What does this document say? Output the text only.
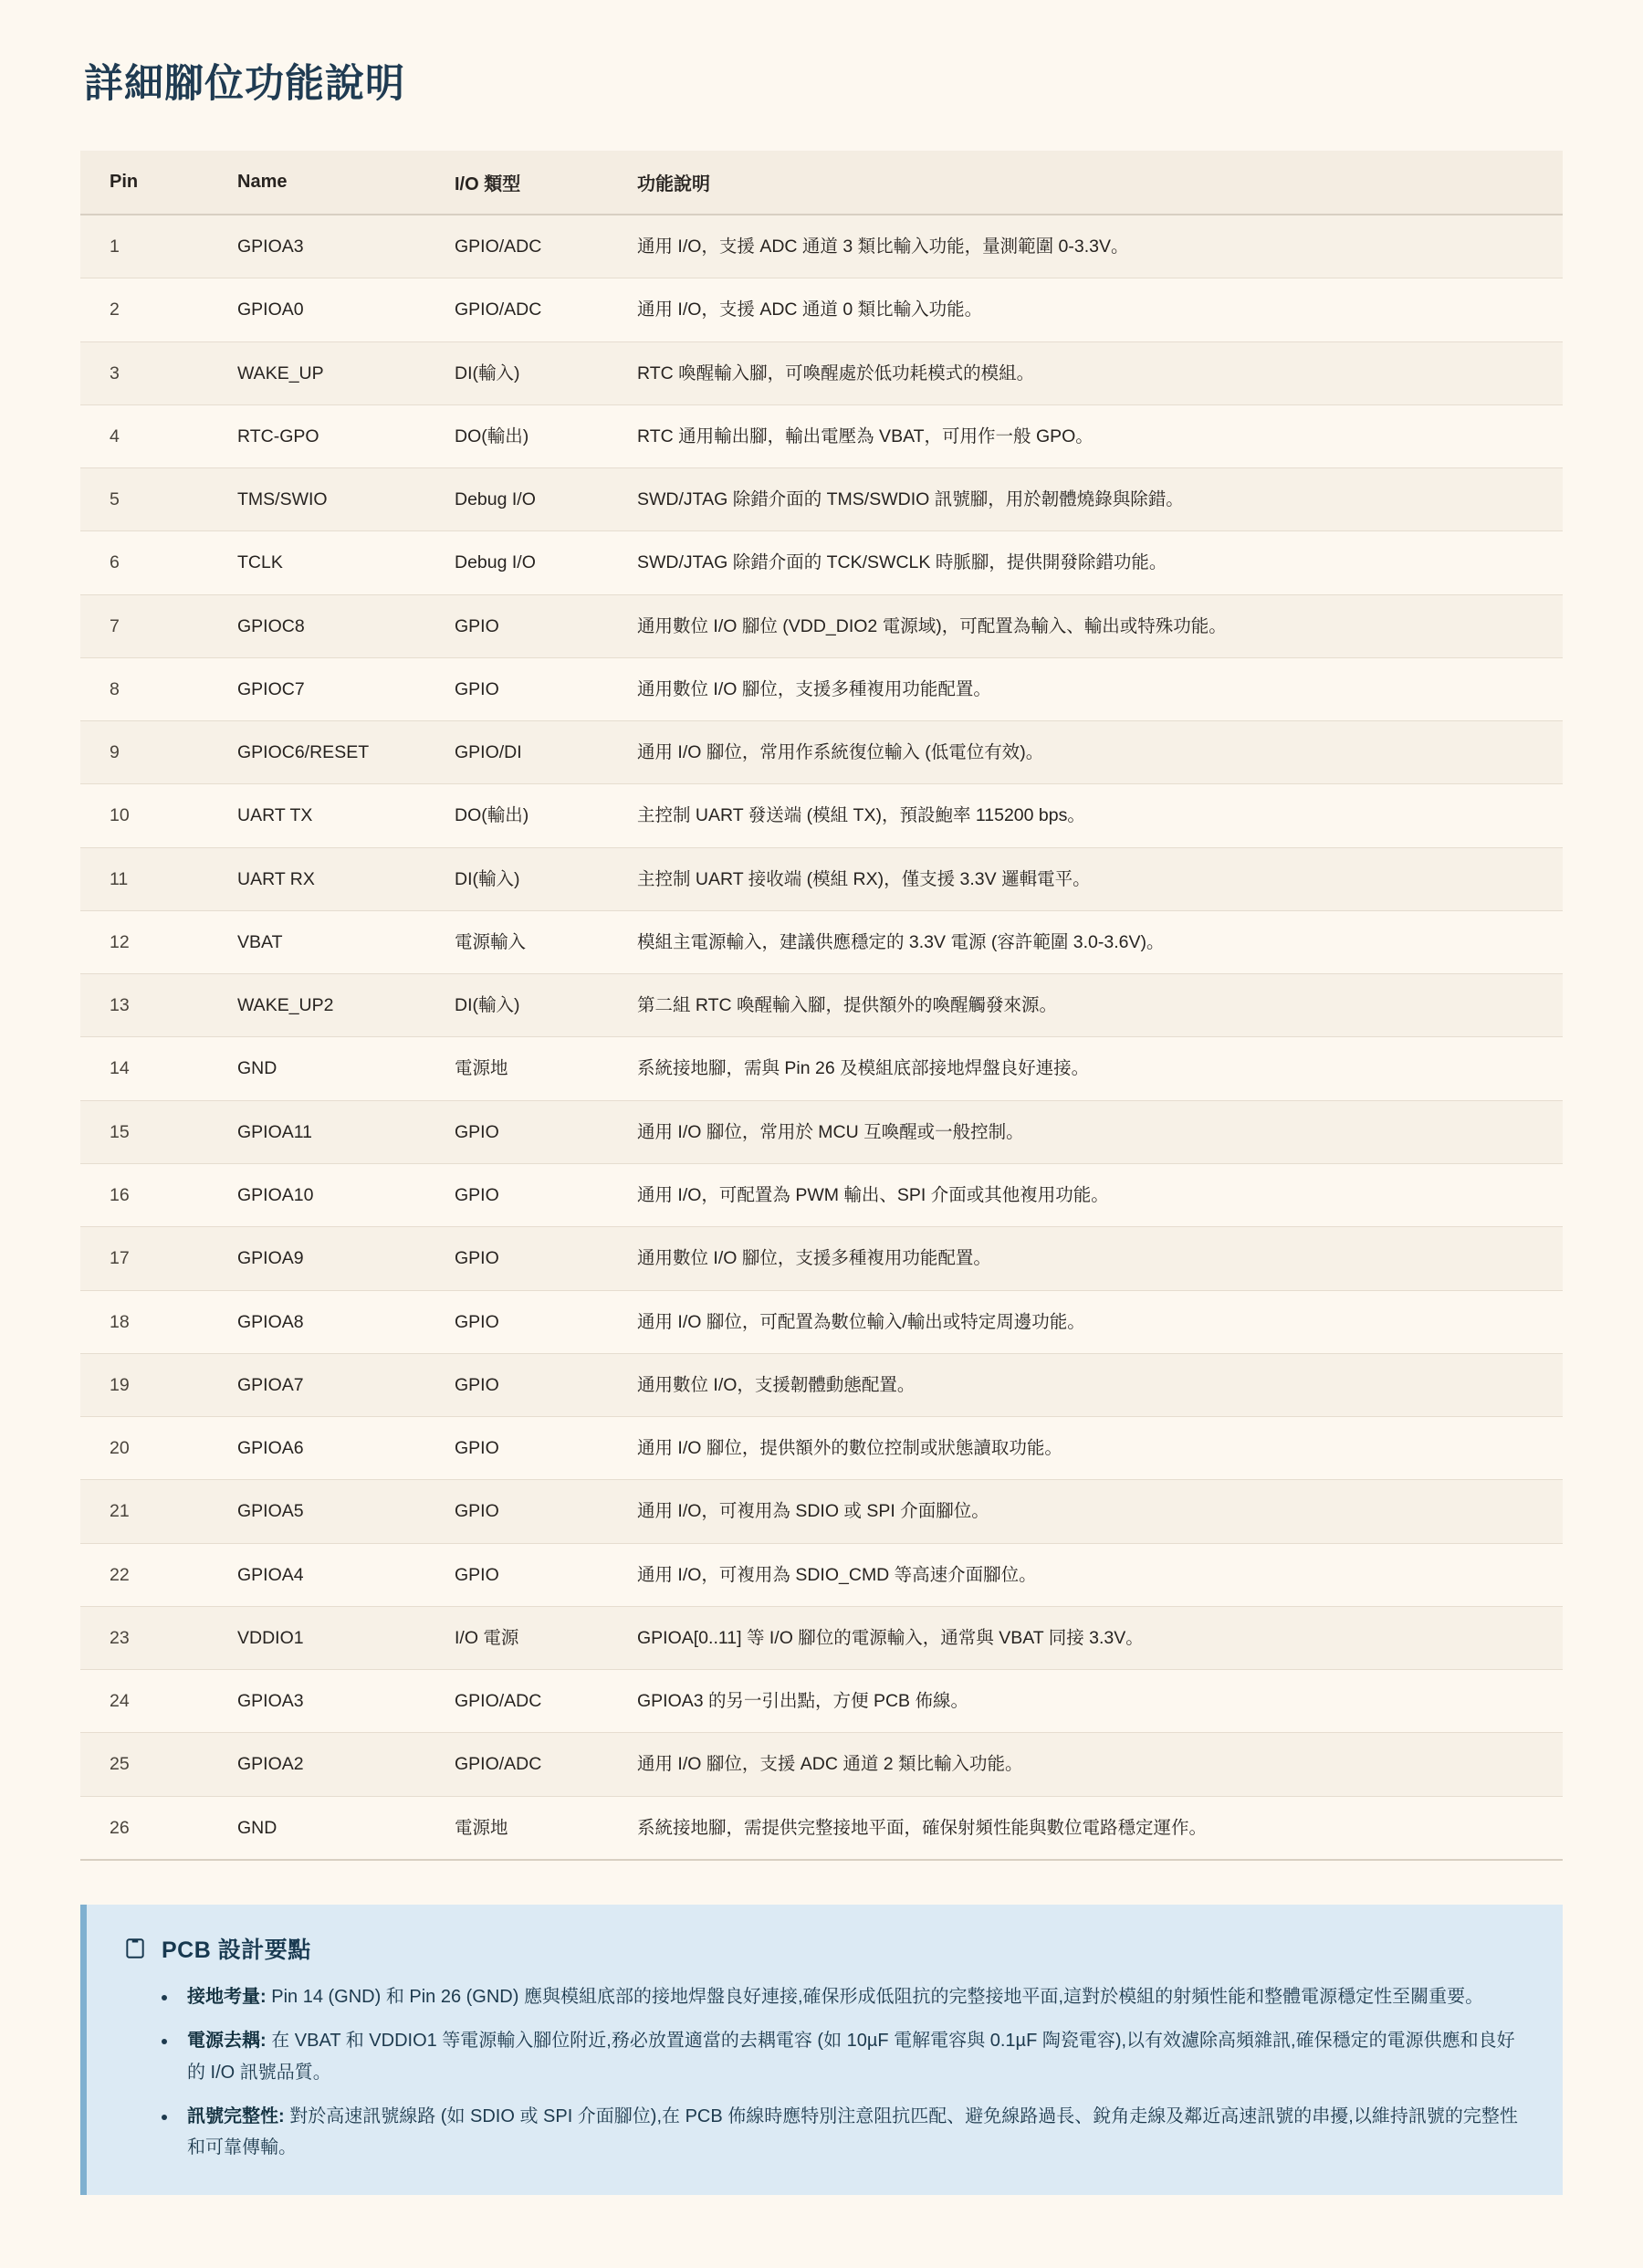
詳細腳位功能說明
Pin	Name	I/O 類型	功能說明
1	GPIOA3	GPIO/ADC	通用 I/O，支援 ADC 通道 3 類比輸入功能，量測範圍 0-3.3V。
2	GPIOA0	GPIO/ADC	通用 I/O，支援 ADC 通道 0 類比輸入功能。
3	WAKE_UP	DI(輸入)	RTC 喚醒輸入腳，可喚醒處於低功耗模式的模組。
4	RTC-GPO	DO(輸出)	RTC 通用輸出腳，輸出電壓為 VBAT，可用作一般 GPO。
5	TMS/SWIO	Debug I/O	SWD/JTAG 除錯介面的 TMS/SWDIO 訊號腳，用於韌體燒錄與除錯。
6	TCLK	Debug I/O	SWD/JTAG 除錯介面的 TCK/SWCLK 時脈腳，提供開發除錯功能。
7	GPIOC8	GPIO	通用數位 I/O 腳位 (VDD_DIO2 電源域)，可配置為輸入、輸出或特殊功能。
8	GPIOC7	GPIO	通用數位 I/O 腳位，支援多種複用功能配置。
9	GPIOC6/RESET	GPIO/DI	通用 I/O 腳位，常用作系統復位輸入 (低電位有效)。
10	UART TX	DO(輸出)	主控制 UART 發送端 (模組 TX)，預設鮑率 115200 bps。
11	UART RX	DI(輸入)	主控制 UART 接收端 (模組 RX)，僅支援 3.3V 邏輯電平。
12	VBAT	電源輸入	模組主電源輸入，建議供應穩定的 3.3V 電源 (容許範圍 3.0-3.6V)。
13	WAKE_UP2	DI(輸入)	第二組 RTC 喚醒輸入腳，提供額外的喚醒觸發來源。
14	GND	電源地	系統接地腳，需與 Pin 26 及模組底部接地焊盤良好連接。
15	GPIOA11	GPIO	通用 I/O 腳位，常用於 MCU 互喚醒或一般控制。
16	GPIOA10	GPIO	通用 I/O，可配置為 PWM 輸出、SPI 介面或其他複用功能。
17	GPIOA9	GPIO	通用數位 I/O 腳位，支援多種複用功能配置。
18	GPIOA8	GPIO	通用 I/O 腳位，可配置為數位輸入/輸出或特定周邊功能。
19	GPIOA7	GPIO	通用數位 I/O，支援韌體動態配置。
20	GPIOA6	GPIO	通用 I/O 腳位，提供額外的數位控制或狀態讀取功能。
21	GPIOA5	GPIO	通用 I/O，可複用為 SDIO 或 SPI 介面腳位。
22	GPIOA4	GPIO	通用 I/O，可複用為 SDIO_CMD 等高速介面腳位。
23	VDDIO1	I/O 電源	GPIOA[0..11] 等 I/O 腳位的電源輸入，通常與 VBAT 同接 3.3V。
24	GPIOA3	GPIO/ADC	GPIOA3 的另一引出點，方便 PCB 佈線。
25	GPIOA2	GPIO/ADC	通用 I/O 腳位，支援 ADC 通道 2 類比輸入功能。
26	GND	電源地	系統接地腳，需提供完整接地平面，確保射頻性能與數位電路穩定運作。
PCB 設計要點
• 接地考量: Pin 14 (GND) 和 Pin 26 (GND) 應與模組底部的接地焊盤良好連接,確保形成低阻抗的完整接地平面,這對於模組的射頻性能和整體電源穩定性至關重要。
• 電源去耦: 在 VBAT 和 VDDIO1 等電源輸入腳位附近,務必放置適當的去耦電容 (如 10µF 電解電容與 0.1µF 陶瓷電容),以有效濾除高頻雜訊,確保穩定的電源供應和良好的 I/O 訊號品質。
• 訊號完整性: 對於高速訊號線路 (如 SDIO 或 SPI 介面腳位),在 PCB 佈線時應特別注意阻抗匹配、避免線路過長、銳角走線及鄰近高速訊號的串擾,以維持訊號的完整性和可靠傳輸。
